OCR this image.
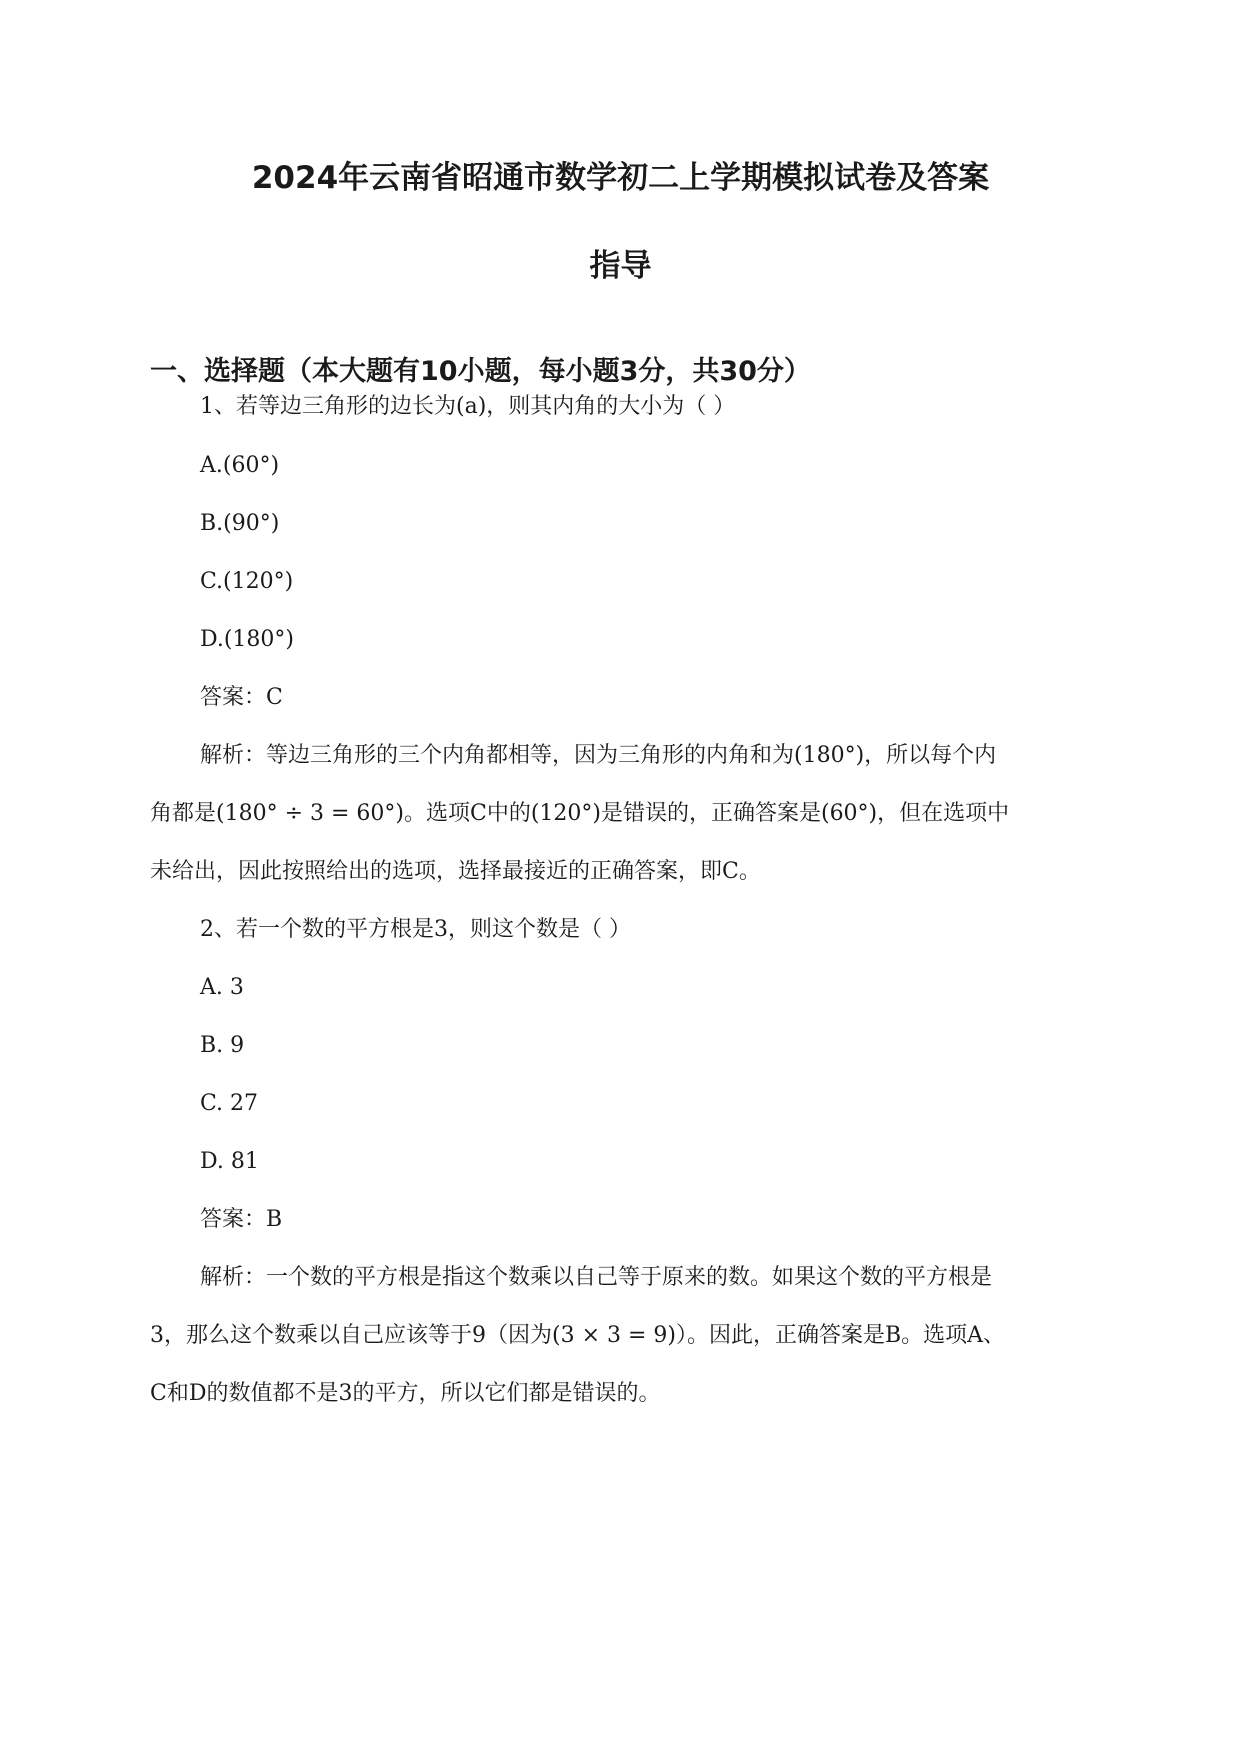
2024年云南省昭通市数学初二上学期模拟试卷及答案
指导
一、选择题（本大题有10小题，每小题3分，共30分）

1、若等边三角形的边长为(a)，则其内角的大小为（ ）

A.(60°)

B.(90°)

C.(120°)

D.(180°)

答案：C

解析：等边三角形的三个内角都相等，因为三角形的内角和为(180°)，所以每个内

角都是(180° ÷ 3 = 60°)。选项C中的(120°)是错误的，正确答案是(60°)，但在选项中

未给出，因此按照给出的选项，选择最接近的正确答案，即C。

2、若一个数的平方根是3，则这个数是（ ）

A. 3

B. 9

C. 27

D. 81

答案：B

解析：一个数的平方根是指这个数乘以自己等于原来的数。如果这个数的平方根是

3，那么这个数乘以自己应该等于9（因为(3 × 3 = 9)）。因此，正确答案是B。选项A、

C和D的数值都不是3的平方，所以它们都是错误的。
